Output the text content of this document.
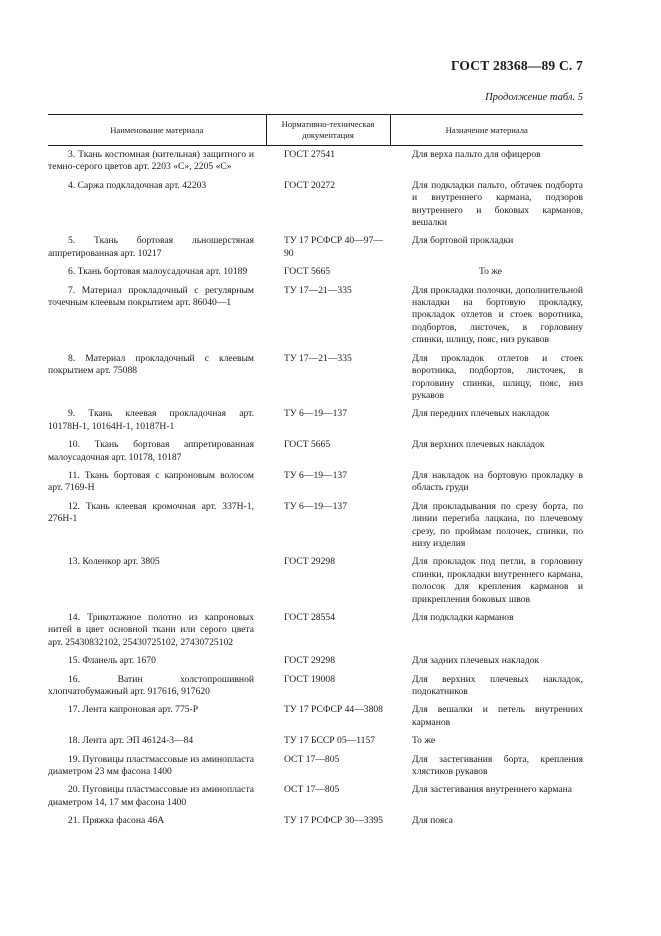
ГОСТ 28368—89 С. 7
Продолжение табл. 5
Наименование материала	Нормативно-техническая документация	Назначение материала
3. Ткань костюмная (кительная) защитного и темно-серого цветов арт. 2203 «С», 2205 «С»	ГОСТ 27541	Для верха пальто для офицеров
4. Саржа подкладочная арт. 42203	ГОСТ 20272	Для подкладки пальто, обтачек подборта и внутреннего кармана, подзоров внутреннего и боковых карманов, вешалки
5. Ткань бортовая льношерстяная аппретированная арт. 10217	ТУ 17 РСФСР 40—97—90	Для бортовой прокладки
6. Ткань бортовая малоусадочная арт. 10189	ГОСТ 5665	То же
7. Материал прокладочный с регулярным точечным клеевым покрытием арт. 86040—1	ТУ 17—21—335	Для прокладки полочки, дополнительной накладки на бортовую прокладку, прокладок отлетов и стоек воротника, подбортов, листочек, в горловину спинки, шлицу, пояс, низ рукавов
8. Материал прокладочный с клеевым покрытием арт. 75088	ТУ 17—21—335	Для прокладок отлетов и стоек воротника, подбортов, листочек, в горловину спинки, шлицу, пояс, низ рукавов
9. Ткань клеевая прокладочная арт. 10178Н-1, 10164Н-1, 10187Н-1	ТУ 6—19—137	Для передних плечевых накладок
10. Ткань бортовая аппретированная малоусадочная арт. 10178, 10187	ГОСТ 5665	Для верхних плечевых накладок
11. Ткань бортовая с капроновым волосом арт. 7169-Н	ТУ 6—19—137	Для накладок на бортовую прокладку в область груди
12. Ткань клеевая кромочная арт. 337Н-1, 276Н-1	ТУ 6—19—137	Для прокладывания по срезу борта, по линии перегиба лацкана, по плечевому срезу, по проймам полочек, спинки, по низу изделия
13. Коленкор арт. 3805	ГОСТ 29298	Для прокладок под петли, в горловину спинки, прокладки внутреннего кармана, полосок для крепления карманов и прикрепления боковых швов
14. Трикотажное полотно из капроновых нитей в цвет основной ткани или серого цвета арт. 25430832102, 25430725102, 27430725102	ГОСТ 28554	Для подкладки карманов
15. Фланель арт. 1670	ГОСТ 29298	Для задних плечевых накладок
16. Ватин холстопрошивной хлопчатобумажный арт. 917616, 917620	ГОСТ 19008	Для верхних плечевых накладок, подокатников
17. Лента капроновая арт. 775-Р	ТУ 17 РСФСР 44—3808	Для вешалки и петель внутренних карманов
18. Лента арт. ЭП 46124-3—84	ТУ 17 БССР 05—1157	То же
19. Пуговицы пластмассовые из аминопласта диаметром 23 мм фасона 1400	ОСТ 17—805	Для застегивания борта, крепления хлястиков рукавов
20. Пуговицы пластмассовые из аминопласта диаметром 14, 17 мм фасона 1400	ОСТ 17—805	Для застегивания внутреннего кармана
21. Пряжка фасона 46А	ТУ 17 РСФСР 30—3395	Для пояса
